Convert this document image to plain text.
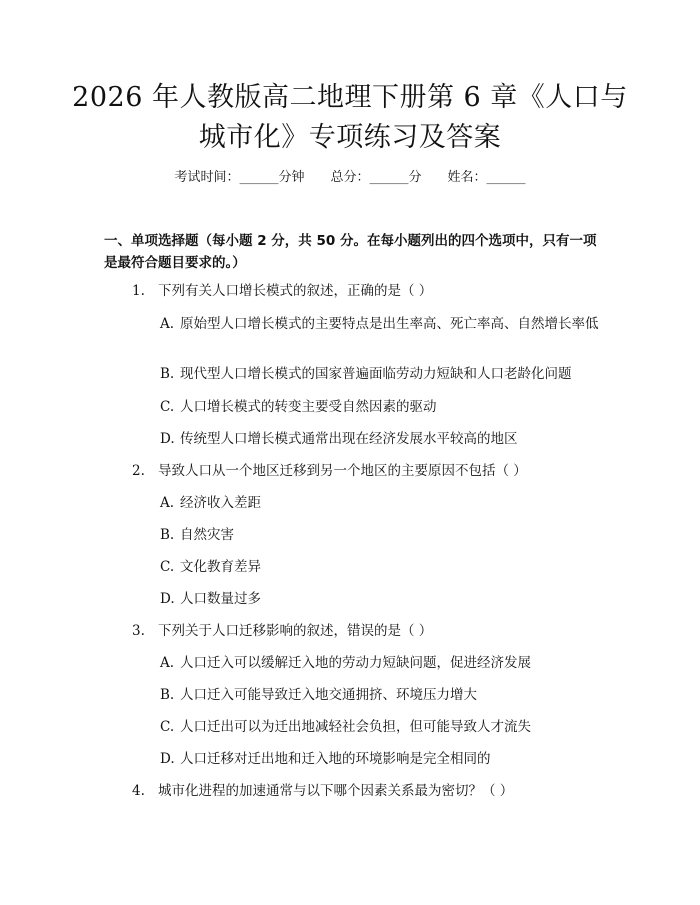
2026 年人教版高二地理下册第 6 章《人口与
城市化》专项练习及答案
考试时间：______分钟 总分：______分 姓名：______
一、单项选择题（每小题 2 分，共 50 分。在每小题列出的四个选项中，只有一项
是最符合题目要求的。）
1. 下列有关人口增长模式的叙述，正确的是（ ）
A. 原始型人口增长模式的主要特点是出生率高、死亡率高、自然增长率低
B. 现代型人口增长模式的国家普遍面临劳动力短缺和人口老龄化问题
C. 人口增长模式的转变主要受自然因素的驱动
D. 传统型人口增长模式通常出现在经济发展水平较高的地区
2. 导致人口从一个地区迁移到另一个地区的主要原因不包括（ ）
A. 经济收入差距
B. 自然灾害
C. 文化教育差异
D. 人口数量过多
3. 下列关于人口迁移影响的叙述，错误的是（ ）
A. 人口迁入可以缓解迁入地的劳动力短缺问题，促进经济发展
B. 人口迁入可能导致迁入地交通拥挤、环境压力增大
C. 人口迁出可以为迁出地减轻社会负担，但可能导致人才流失
D. 人口迁移对迁出地和迁入地的环境影响是完全相同的
4. 城市化进程的加速通常与以下哪个因素关系最为密切？（ ）
